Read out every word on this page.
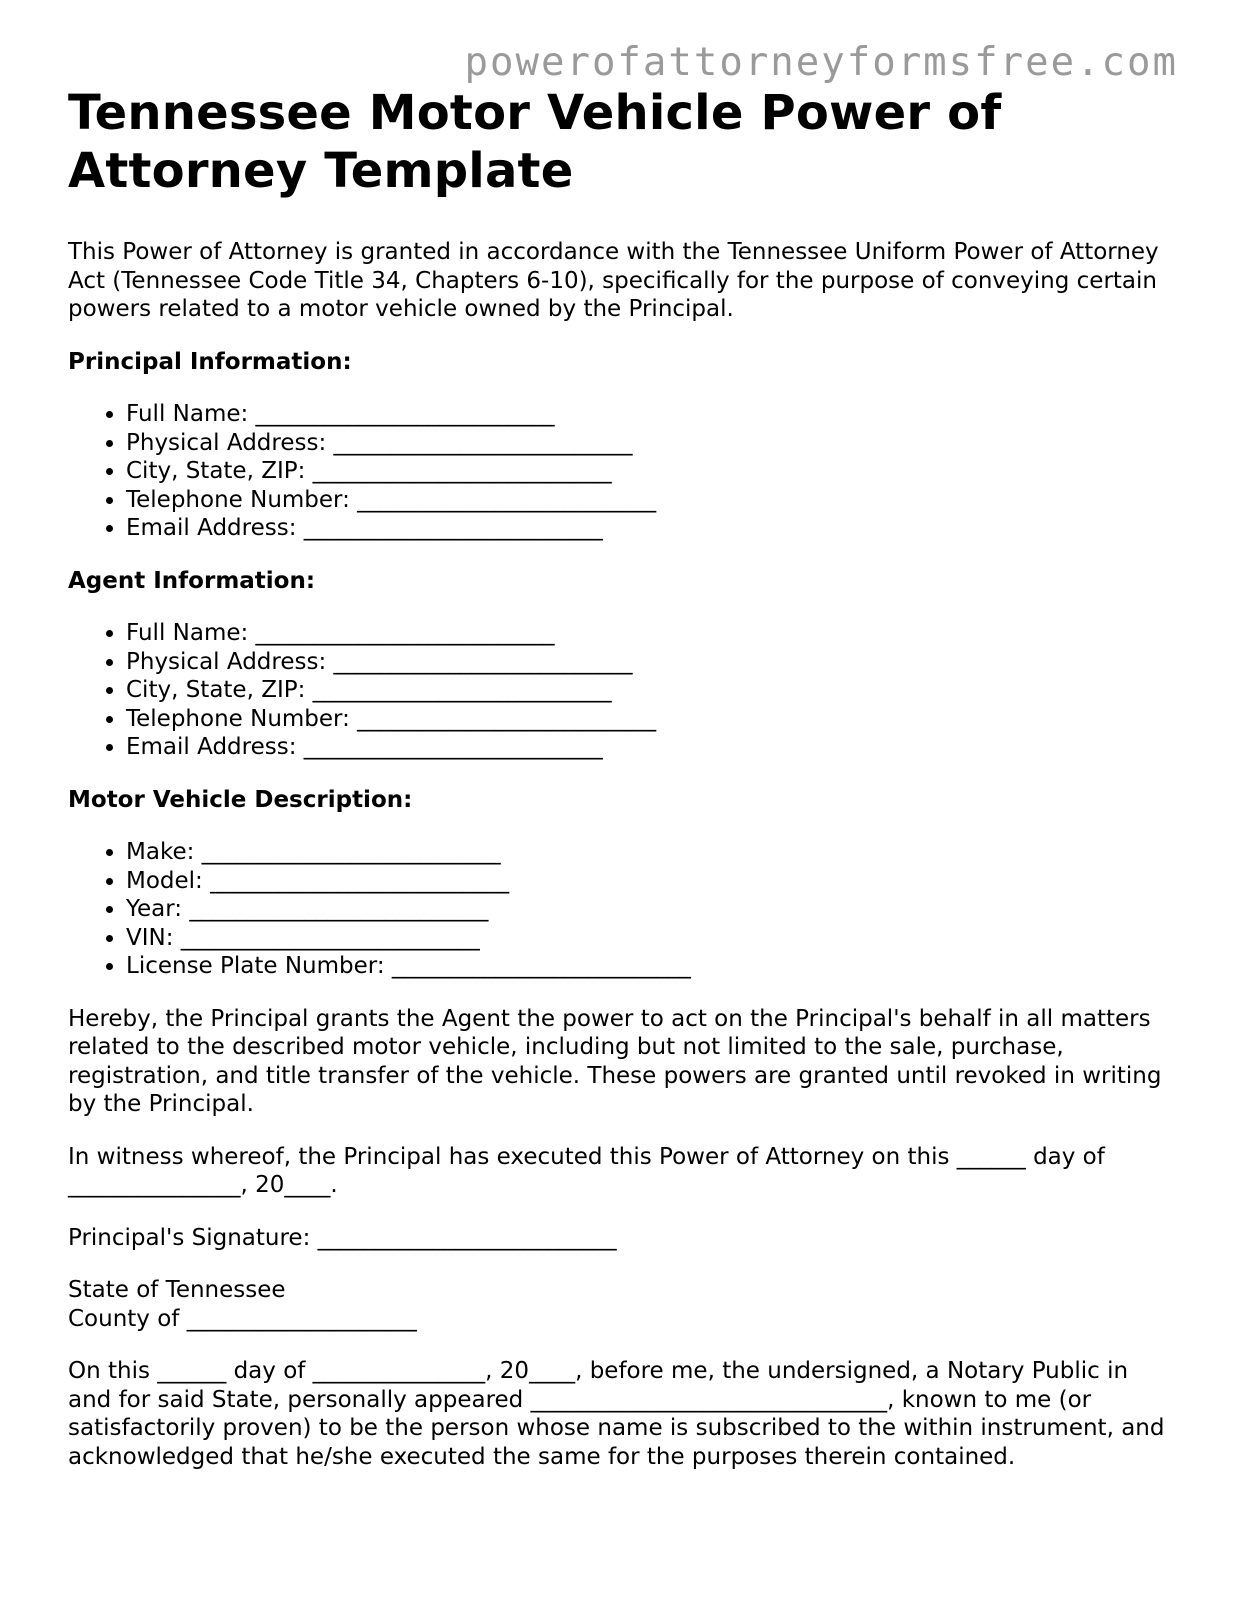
powerofattorneyformsfree.com
Tennessee Motor Vehicle Power of Attorney Template

This Power of Attorney is granted in accordance with the Tennessee Uniform Power of Attorney Act (Tennessee Code Title 34, Chapters 6-10), specifically for the purpose of conveying certain powers related to a motor vehicle owned by the Principal.

Principal Information:
• Full Name: __________________________
• Physical Address: __________________________
• City, State, ZIP: __________________________
• Telephone Number: __________________________
• Email Address: __________________________
Agent Information:
• Full Name: __________________________
• Physical Address: __________________________
• City, State, ZIP: __________________________
• Telephone Number: __________________________
• Email Address: __________________________
Motor Vehicle Description:
• Make: __________________________
• Model: __________________________
• Year: __________________________
• VIN: __________________________
• License Plate Number: __________________________

Hereby, the Principal grants the Agent the power to act on the Principal's behalf in all matters related to the described motor vehicle, including but not limited to the sale, purchase, registration, and title transfer of the vehicle. These powers are granted until revoked in writing by the Principal.

In witness whereof, the Principal has executed this Power of Attorney on this ______ day of _______________, 20____.

Principal's Signature: __________________________

State of Tennessee

County of ____________________

On this ______ day of _______________, 20____, before me, the undersigned, a Notary Public in and for said State, personally appeared _______________________________, known to me (or satisfactorily proven) to be the person whose name is subscribed to the within instrument, and acknowledged that he/she executed the same for the purposes therein contained.
